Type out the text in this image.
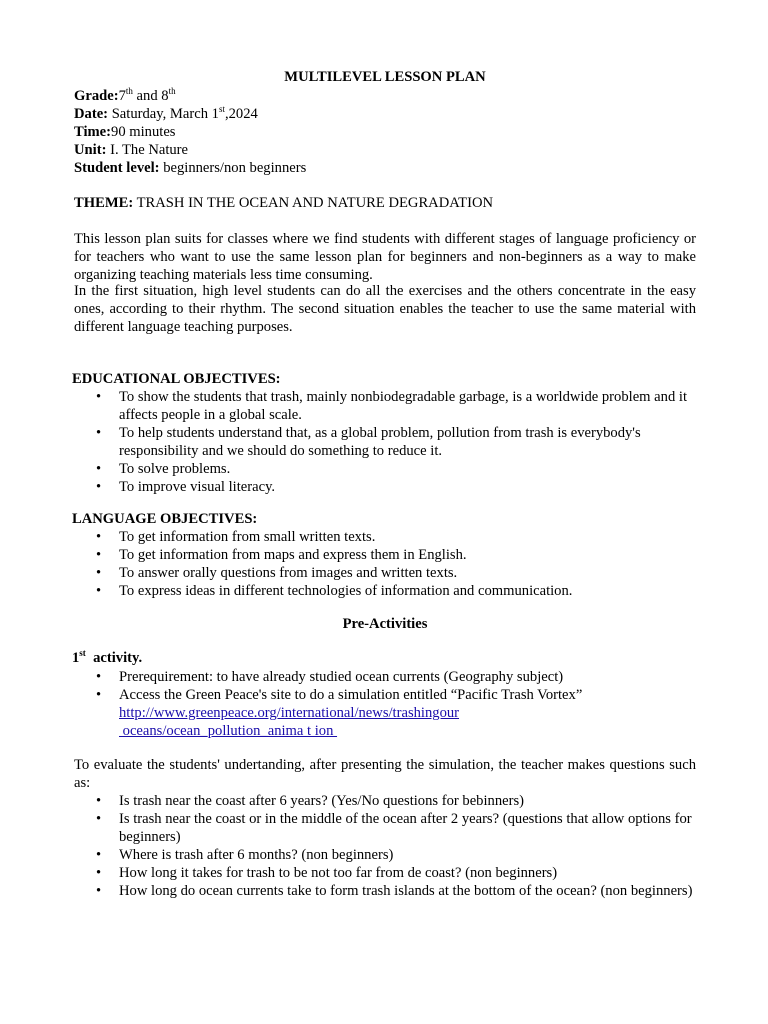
MULTILEVEL LESSON PLAN
Grade:7th and 8th
Date: Saturday, March 1st,2024
Time:90 minutes
Unit: I. The Nature
Student level: beginners/non beginners
THEME: TRASH IN THE OCEAN AND NATURE DEGRADATION

This lesson plan suits for classes where we find students with different stages of language proficiency or for teachers who want to use the same lesson plan for beginners and non-beginners as a way to make organizing teaching materials less time consuming.

In the first situation, high level students can do all the exercises and the others concentrate in the easy ones, according to their rhythm. The second situation enables the teacher to use the same material with different language teaching purposes.

EDUCATIONAL OBJECTIVES:
• To show the students that trash, mainly nonbiodegradable garbage, is a worldwide problem and it affects people in a global scale.
• To help students understand that, as a global problem, pollution from trash is everybody's responsibility and we should do something to reduce it.
• To solve problems.
• To improve visual literacy.
LANGUAGE OBJECTIVES:
• To get information from small written texts.
• To get information from maps and express them in English.
• To answer orally questions from images and written texts.
• To express ideas in different technologies of information and communication.
Pre-Activities
1st  activity.
• Prerequirement: to have already studied ocean currents (Geography subject)
• Access the Green Peace's site to do a simulation entitled “Pacific Trash Vortex”
http://www.greenpeace.org/international/news/trashingour
oceans/ocean_pollution_anima t ion

To evaluate the students' undertanding, after presenting the simulation, the teacher makes questions such as:

• Is trash near the coast after 6 years? (Yes/No questions for bebinners)
• Is trash near the coast or in the middle of the ocean after 2 years? (questions that allow options for beginners)
• Where is trash after 6 months? (non beginners)
• How long it takes for trash to be not too far from de coast? (non beginners)
• How long do ocean currents take to form trash islands at the bottom of the ocean? (non beginners)
